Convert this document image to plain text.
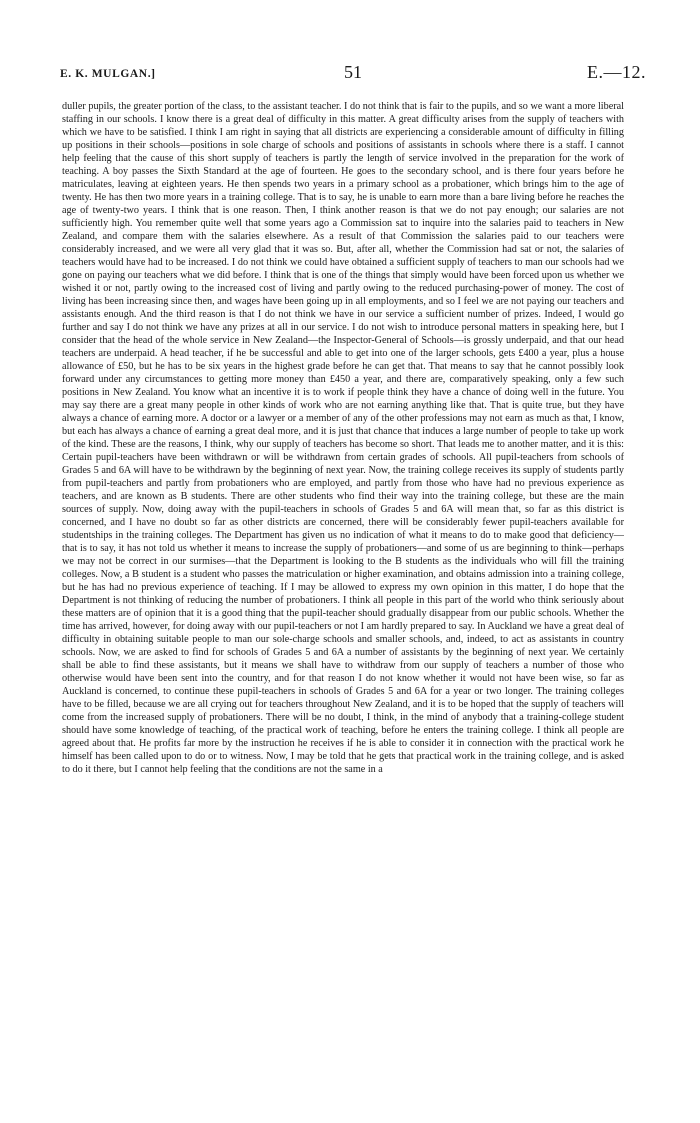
E. K. MULGAN.]	51	E.—12.
duller pupils, the greater portion of the class, to the assistant teacher. I do not think that is fair to the pupils, and so we want a more liberal staffing in our schools. I know there is a great deal of difficulty in this matter. A great difficulty arises from the supply of teachers with which we have to be satisfied. I think I am right in saying that all districts are experiencing a considerable amount of difficulty in filling up positions in their schools—positions in sole charge of schools and positions of assistants in schools where there is a staff. I cannot help feeling that the cause of this short supply of teachers is partly the length of service involved in the preparation for the work of teaching. A boy passes the Sixth Standard at the age of fourteen. He goes to the secondary school, and is there four years before he matriculates, leaving at eighteen years. He then spends two years in a primary school as a probationer, which brings him to the age of twenty. He has then two more years in a training college. That is to say, he is unable to earn more than a bare living before he reaches the age of twenty-two years. I think that is one reason. Then, I think another reason is that we do not pay enough; our salaries are not sufficiently high. You remember quite well that some years ago a Commission sat to inquire into the salaries paid to teachers in New Zealand, and compare them with the salaries elsewhere. As a result of that Commission the salaries paid to our teachers were considerably increased, and we were all very glad that it was so. But, after all, whether the Commission had sat or not, the salaries of teachers would have had to be increased. I do not think we could have obtained a sufficient supply of teachers to man our schools had we gone on paying our teachers what we did before. I think that is one of the things that simply would have been forced upon us whether we wished it or not, partly owing to the increased cost of living and partly owing to the reduced purchasing-power of money. The cost of living has been increasing since then, and wages have been going up in all employments, and so I feel we are not paying our teachers and assistants enough. And the third reason is that I do not think we have in our service a sufficient number of prizes. Indeed, I would go further and say I do not think we have any prizes at all in our service. I do not wish to introduce personal matters in speaking here, but I consider that the head of the whole service in New Zealand—the Inspector-General of Schools—is grossly underpaid, and that our head teachers are underpaid. A head teacher, if he be successful and able to get into one of the larger schools, gets £400 a year, plus a house allowance of £50, but he has to be six years in the highest grade before he can get that. That means to say that he cannot possibly look forward under any circumstances to getting more money than £450 a year, and there are, comparatively speaking, only a few such positions in New Zealand. You know what an incentive it is to work if people think they have a chance of doing well in the future. You may say there are a great many people in other kinds of work who are not earning anything like that. That is quite true, but they have always a chance of earning more. A doctor or a lawyer or a member of any of the other professions may not earn as much as that, I know, but each has always a chance of earning a great deal more, and it is just that chance that induces a large number of people to take up work of the kind. These are the reasons, I think, why our supply of teachers has become so short. That leads me to another matter, and it is this: Certain pupil-teachers have been withdrawn or will be withdrawn from certain grades of schools. All pupil-teachers from schools of Grades 5 and 6A will have to be withdrawn by the beginning of next year. Now, the training college receives its supply of students partly from pupil-teachers and partly from probationers who are employed, and partly from those who have had no previous experience as teachers, and are known as B students. There are other students who find their way into the training college, but these are the main sources of supply. Now, doing away with the pupil-teachers in schools of Grades 5 and 6A will mean that, so far as this district is concerned, and I have no doubt so far as other districts are concerned, there will be considerably fewer pupil-teachers available for studentships in the training colleges. The Department has given us no indication of what it means to do to make good that deficiency—that is to say, it has not told us whether it means to increase the supply of probationers—and some of us are beginning to think—perhaps we may not be correct in our surmises—that the Department is looking to the B students as the individuals who will fill the training colleges. Now, a B student is a student who passes the matriculation or higher examination, and obtains admission into a training college, but he has had no previous experience of teaching. If I may be allowed to express my own opinion in this matter, I do hope that the Department is not thinking of reducing the number of probationers. I think all people in this part of the world who think seriously about these matters are of opinion that it is a good thing that the pupil-teacher should gradually disappear from our public schools. Whether the time has arrived, however, for doing away with our pupil-teachers or not I am hardly prepared to say. In Auckland we have a great deal of difficulty in obtaining suitable people to man our sole-charge schools and smaller schools, and, indeed, to act as assistants in country schools. Now, we are asked to find for schools of Grades 5 and 6A a number of assistants by the beginning of next year. We certainly shall be able to find these assistants, but it means we shall have to withdraw from our supply of teachers a number of those who otherwise would have been sent into the country, and for that reason I do not know whether it would not have been wise, so far as Auckland is concerned, to continue these pupil-teachers in schools of Grades 5 and 6A for a year or two longer. The training colleges have to be filled, because we are all crying out for teachers throughout New Zealand, and it is to be hoped that the supply of teachers will come from the increased supply of probationers. There will be no doubt, I think, in the mind of anybody that a training-college student should have some knowledge of teaching, of the practical work of teaching, before he enters the training college. I think all people are agreed about that. He profits far more by the instruction he receives if he is able to consider it in connection with the practical work he himself has been called upon to do or to witness. Now, I may be told that he gets that practical work in the training college, and is asked to do it there, but I cannot help feeling that the conditions are not the same in a
